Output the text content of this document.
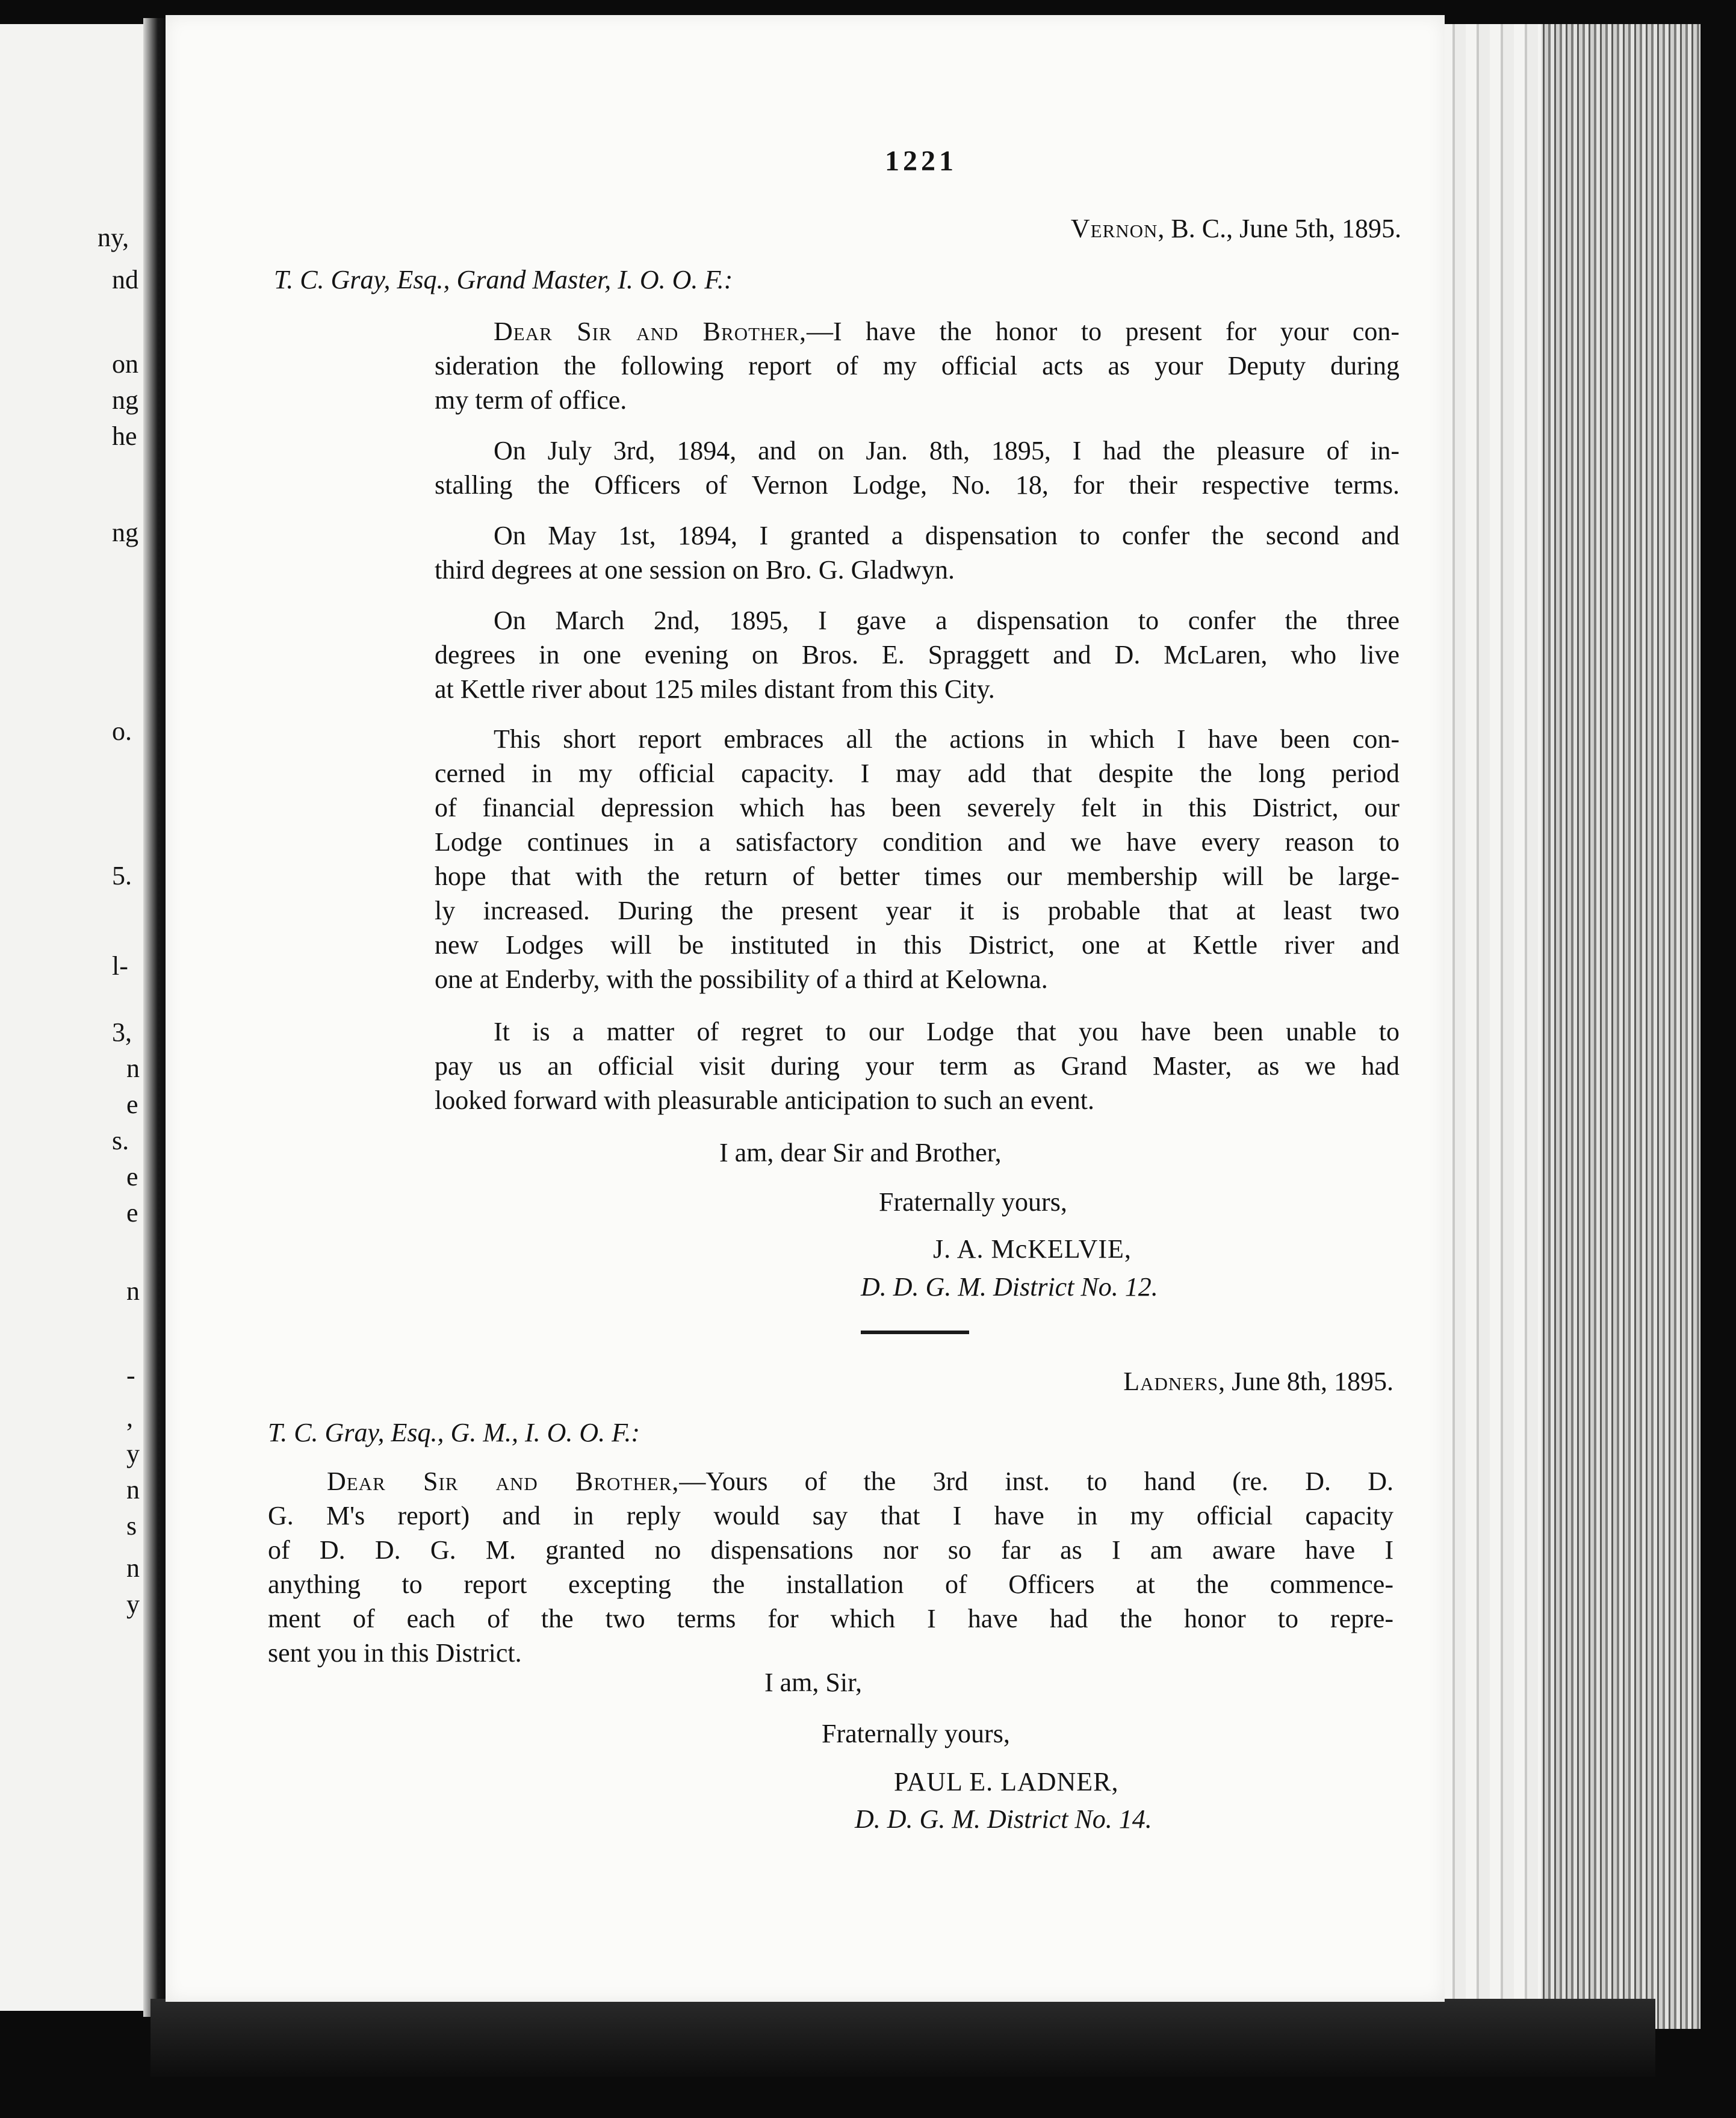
ny,
nd
on
ng
he
ng
o.
5.
l-
3,
n
e
s.
e
e
n
-
,
y
n
s
n
y
1221
Vernon, B. C., June 5th, 1895.
T. C. Gray, Esq., Grand Master, I. O. O. F.:
Dear Sir and Brother,—I have the honor to present for your con-
sideration the following report of my official acts as your Deputy during
my term of office.
On July 3rd, 1894, and on Jan. 8th, 1895, I had the pleasure of in-
stalling the Officers of Vernon Lodge, No. 18, for their respective terms.
On May 1st, 1894, I granted a dispensation to confer the second and
third degrees at one session on Bro. G. Gladwyn.
On March 2nd, 1895, I gave a dispensation to confer the three
degrees in one evening on Bros. E. Spraggett and D. McLaren, who live
at Kettle river about 125 miles distant from this City.
This short report embraces all the actions in which I have been con-
cerned in my official capacity. I may add that despite the long period
of financial depression which has been severely felt in this District, our
Lodge continues in a satisfactory condition and we have every reason to
hope that with the return of better times our membership will be large-
ly increased. During the present year it is probable that at least two
new Lodges will be instituted in this District, one at Kettle river and
one at Enderby, with the possibility of a third at Kelowna.
It is a matter of regret to our Lodge that you have been unable to
pay us an official visit during your term as Grand Master, as we had
looked forward with pleasurable anticipation to such an event.
I am, dear Sir and Brother,
Fraternally yours,
J. A. McKELVIE,
D. D. G. M. District No. 12.
Ladners, June 8th, 1895.
T. C. Gray, Esq., G. M., I. O. O. F.:
Dear Sir and Brother,—Yours of the 3rd inst. to hand (re. D. D.
G. M's report) and in reply would say that I have in my official capacity
of D. D. G. M. granted no dispensations nor so far as I am aware have I
anything to report excepting the installation of Officers at the commence-
ment of each of the two terms for which I have had the honor to repre-
sent you in this District.
I am, Sir,
Fraternally yours,
PAUL E. LADNER,
D. D. G. M. District No. 14.
